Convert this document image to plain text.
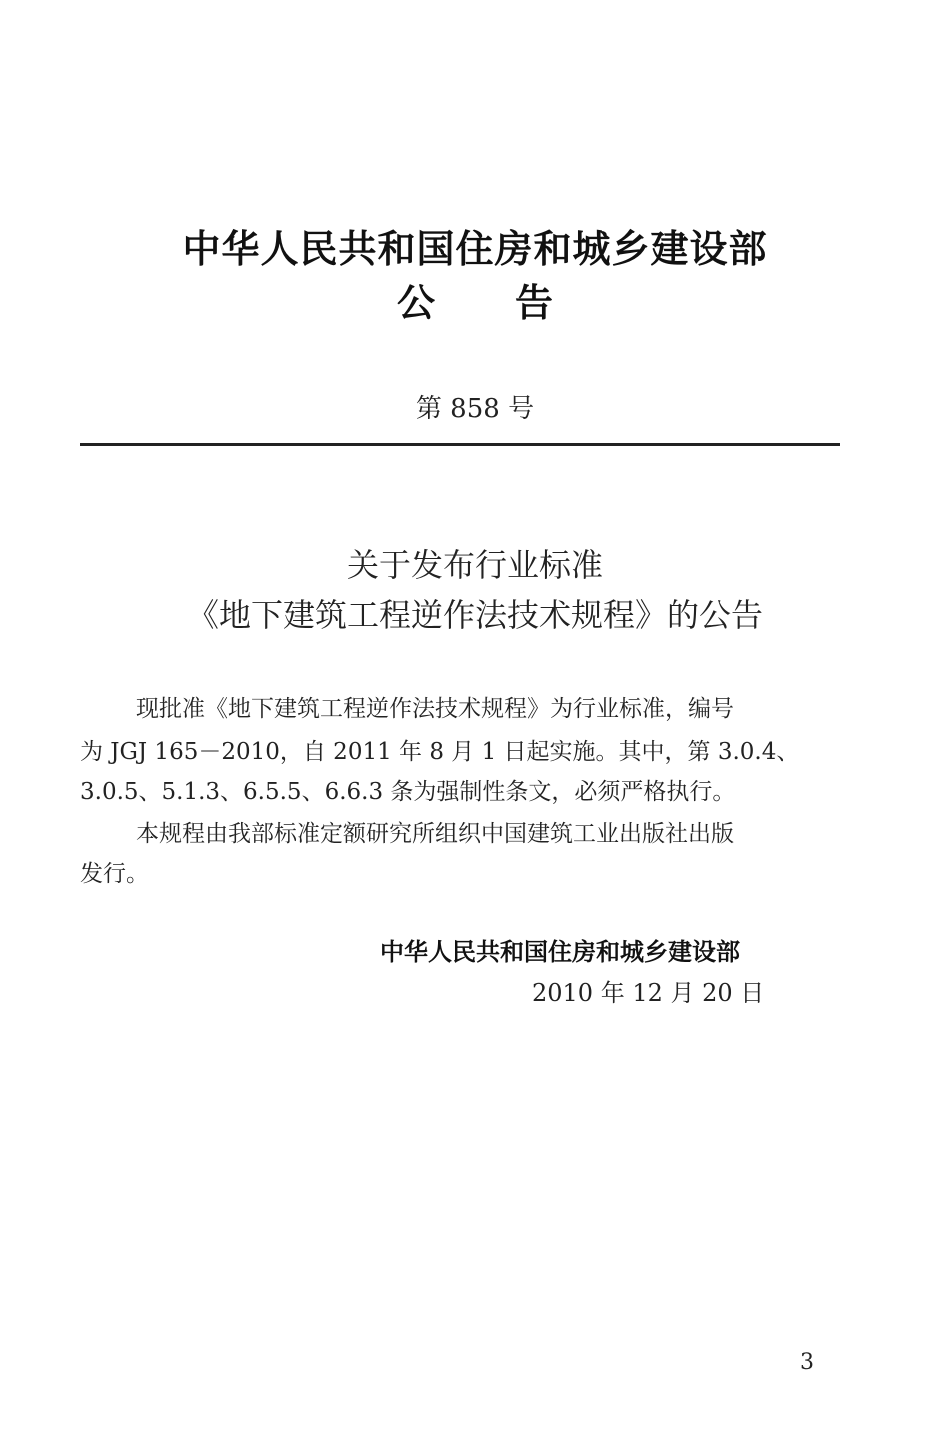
中华人民共和国住房和城乡建设部
公告
第 858 号
关于发布行业标准
《地下建筑工程逆作法技术规程》的公告
现批准《地下建筑工程逆作法技术规程》为行业标准，编号
为 JGJ 165－2010，自 2011 年 8 月 1 日起实施。其中，第 3.0.4、
3.0.5、5.1.3、6.5.5、6.6.3 条为强制性条文，必须严格执行。
本规程由我部标准定额研究所组织中国建筑工业出版社出版
发行。
中华人民共和国住房和城乡建设部
2010 年 12 月 20 日
3
